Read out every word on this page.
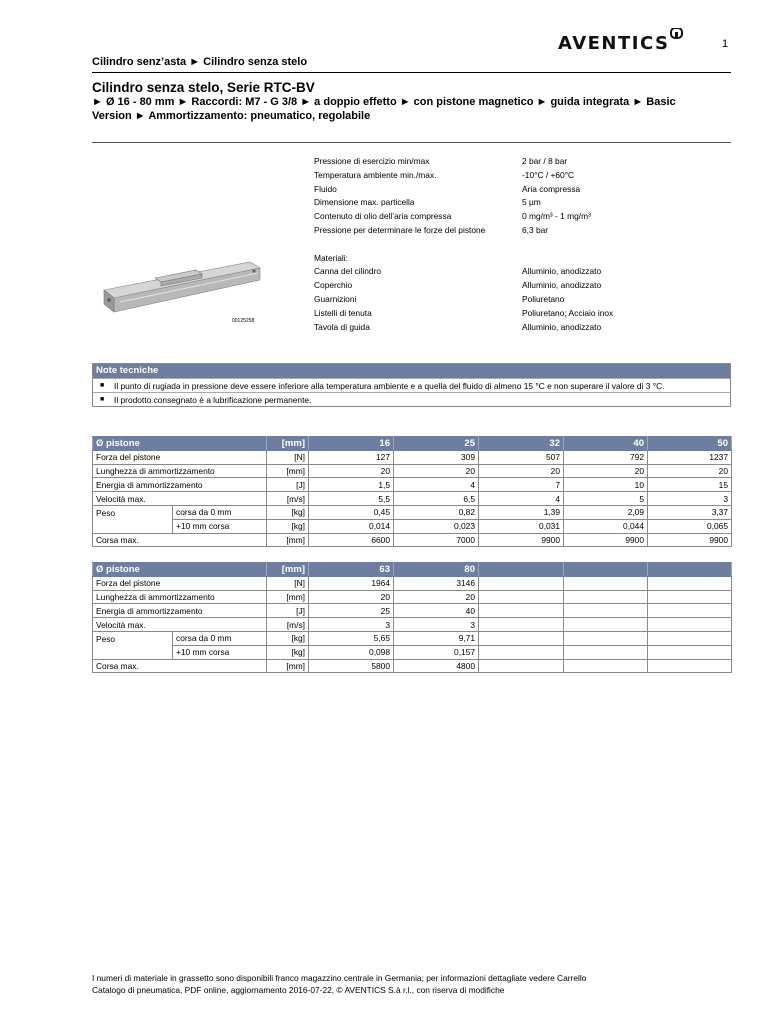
AVENTICS	1
Cilindro senz’asta ► Cilindro senza stelo
Cilindro senza stelo, Serie RTC-BV
► Ø 16 - 80 mm ► Raccordi: M7 - G 3/8 ► a doppio effetto ► con pistone magnetico ► guida integrata ► Basic Version ► Ammortizzamento: pneumatico, regolabile
00125258
Pressione di esercizio min/max	2 bar / 8 bar
Temperatura ambiente min./max.	-10°C / +60°C
Fluido	Aria compressa
Dimensione max. particella	5 µm
Contenuto di olio dell’aria compressa	0 mg/m³ - 1 mg/m³
Pressione per determinare le forze del pistone	6,3 bar
Materiali:
Canna del cilindro	Alluminio, anodizzato
Coperchio	Alluminio, anodizzato
Guarnizioni	Poliuretano
Listelli di tenuta	Poliuretano; Acciaio inox
Tavola di guida	Alluminio, anodizzato
Note tecniche
■	Il punto di rugiada in pressione deve essere inferiore alla temperatura ambiente e a quella del fluido di almeno 15 °C e non superare il valore di 3 °C.
■	Il prodotto consegnato è a lubrificazione permanente.
Ø pistone		[mm]	16	25	32	40	50
Forza del pistone		[N]	127	309	507	792	1237
Lunghezza di ammortizzamento		[mm]	20	20	20	20	20
Energia di ammortizzamento		[J]	1,5	4	7	10	15
Velocità max.		[m/s]	5,5	6,5	4	5	3
Peso	corsa da 0 mm	[kg]	0,45	0,82	1,39	2,09	3,37
	+10 mm corsa	[kg]	0,014	0,023	0,031	0,044	0,065
Corsa max.		[mm]	6600	7000	9900	9900	9900
Ø pistone		[mm]	63	80			
Forza del pistone		[N]	1964	3146			
Lunghezza di ammortizzamento		[mm]	20	20			
Energia di ammortizzamento		[J]	25	40			
Velocità max.		[m/s]	3	3			
Peso	corsa da 0 mm	[kg]	5,65	9,71			
	+10 mm corsa	[kg]	0,098	0,157			
Corsa max.		[mm]	5800	4800			
I numeri di materiale in grassetto sono disponibili franco magazzino centrale in Germania; per informazioni dettagliate vedere Carrello
Catalogo di pneumatica, PDF online, aggiornamento 2016-07-22, © AVENTICS S.à r.l., con riserva di modifiche
